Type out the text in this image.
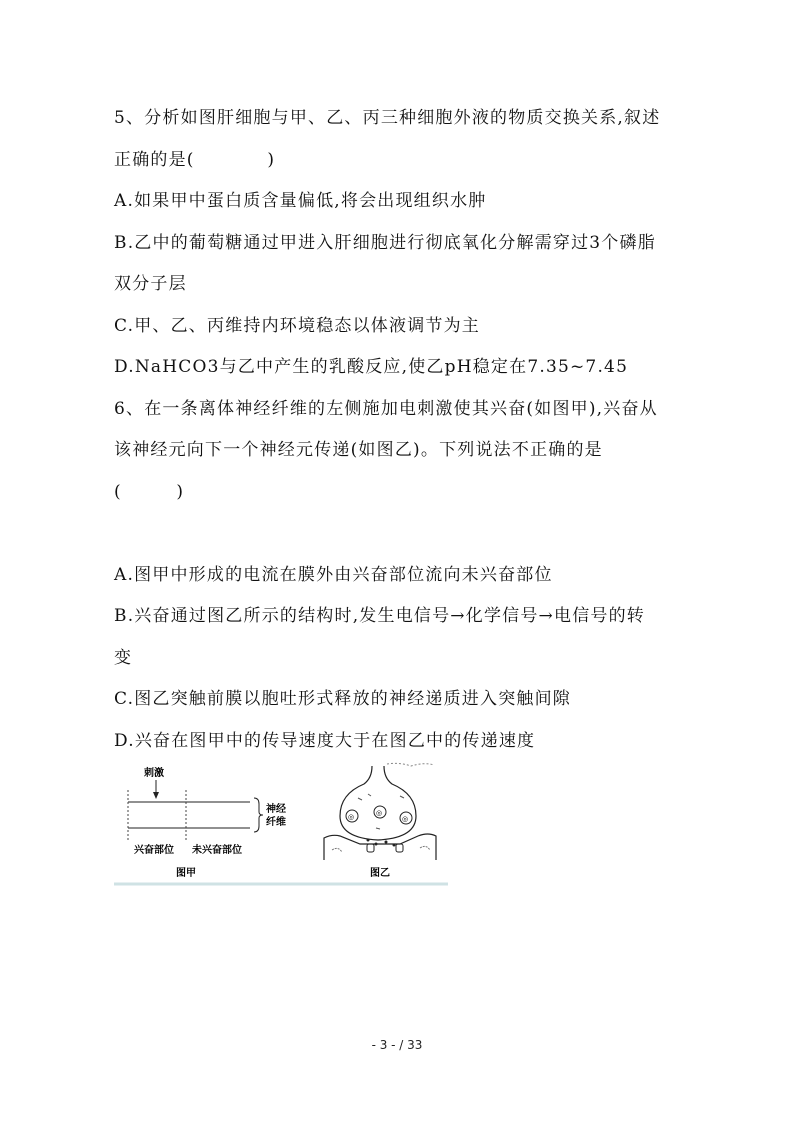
5、分析如图肝细胞与甲、乙、丙三种细胞外液的物质交换关系,叙述
正确的是(　　　　)
A.如果甲中蛋白质含量偏低,将会出现组织水肿
B.乙中的葡萄糖通过甲进入肝细胞进行彻底氧化分解需穿过3个磷脂
双分子层
C.甲、乙、丙维持内环境稳态以体液调节为主
D.NaHCO3与乙中产生的乳酸反应,使乙pH稳定在7.35~7.45
6、在一条离体神经纤维的左侧施加电刺激使其兴奋(如图甲),兴奋从
该神经元向下一个神经元传递(如图乙)。下列说法不正确的是
(　　　)
A.图甲中形成的电流在膜外由兴奋部位流向未兴奋部位
B.兴奋通过图乙所示的结构时,发生电信号→化学信号→电信号的转
变
C.图乙突触前膜以胞吐形式释放的神经递质进入突触间隙
D.兴奋在图甲中的传导速度大于在图乙中的传递速度
刺激
神经
纤维
兴奋部位 未兴奋部位
图甲
◎	◎
◎
图乙
- 3 - / 33
